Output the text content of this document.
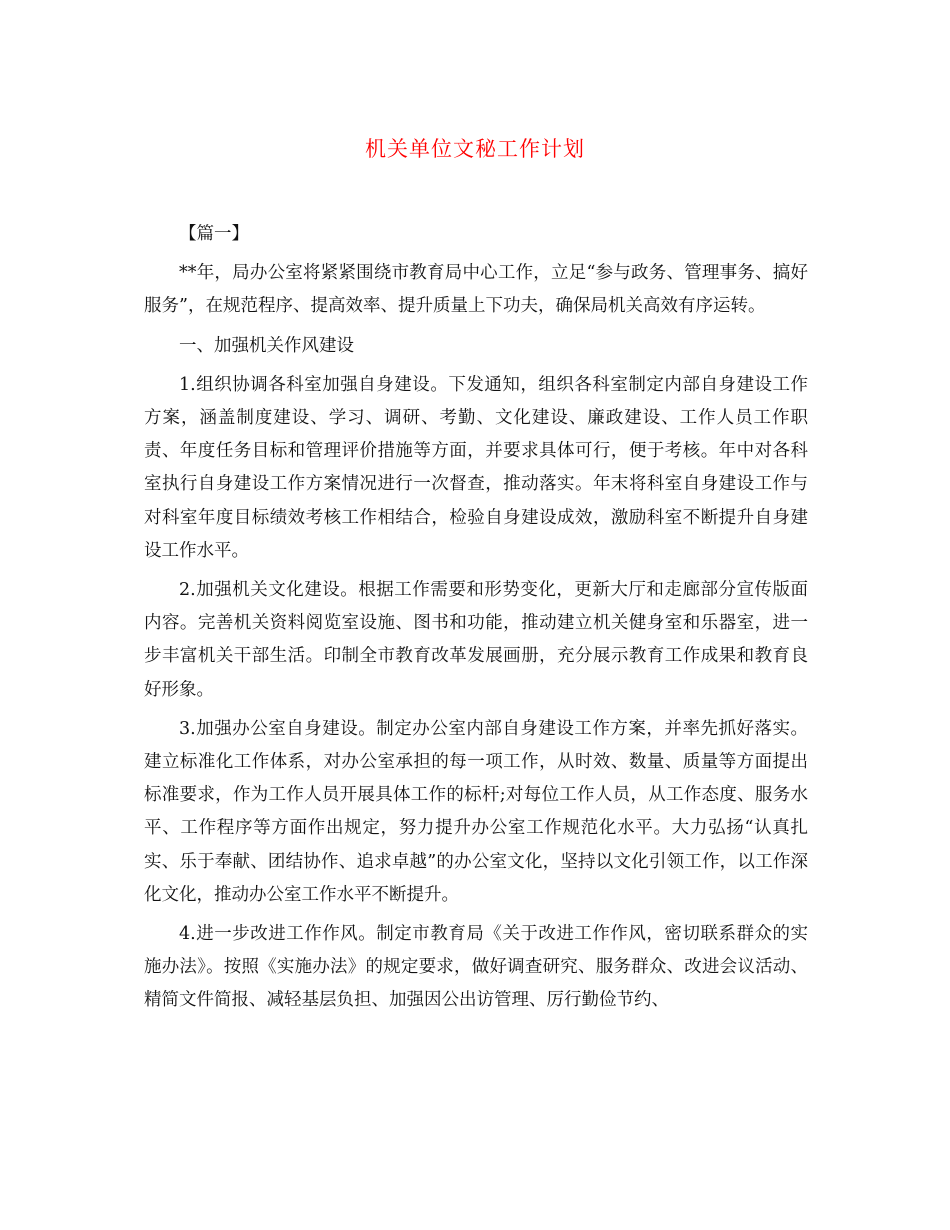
机关单位文秘工作计划

【篇一】

**年，局办公室将紧紧围绕市教育局中心工作，立足“参与政务、管理事务、搞好服务”，在规范程序、提高效率、提升质量上下功夫，确保局机关高效有序运转。

一、加强机关作风建设

1.组织协调各科室加强自身建设。下发通知，组织各科室制定内部自身建设工作方案，涵盖制度建设、学习、调研、考勤、文化建设、廉政建设、工作人员工作职责、年度任务目标和管理评价措施等方面，并要求具体可行，便于考核。年中对各科室执行自身建设工作方案情况进行一次督查，推动落实。年末将科室自身建设工作与对科室年度目标绩效考核工作相结合，检验自身建设成效，激励科室不断提升自身建设工作水平。

2.加强机关文化建设。根据工作需要和形势变化，更新大厅和走廊部分宣传版面内容。完善机关资料阅览室设施、图书和功能，推动建立机关健身室和乐器室，进一步丰富机关干部生活。印制全市教育改革发展画册，充分展示教育工作成果和教育良好形象。

3.加强办公室自身建设。制定办公室内部自身建设工作方案，并率先抓好落实。建立标准化工作体系，对办公室承担的每一项工作，从时效、数量、质量等方面提出标准要求，作为工作人员开展具体工作的标杆;对每位工作人员，从工作态度、服务水平、工作程序等方面作出规定，努力提升办公室工作规范化水平。大力弘扬“认真扎实、乐于奉献、团结协作、追求卓越”的办公室文化，坚持以文化引领工作，以工作深化文化，推动办公室工作水平不断提升。

4.进一步改进工作作风。制定市教育局《关于改进工作作风，密切联系群众的实施办法》。按照《实施办法》的规定要求，做好调查研究、服务群众、改进会议活动、精简文件简报、减轻基层负担、加强因公出访管理、厉行勤俭节约、
